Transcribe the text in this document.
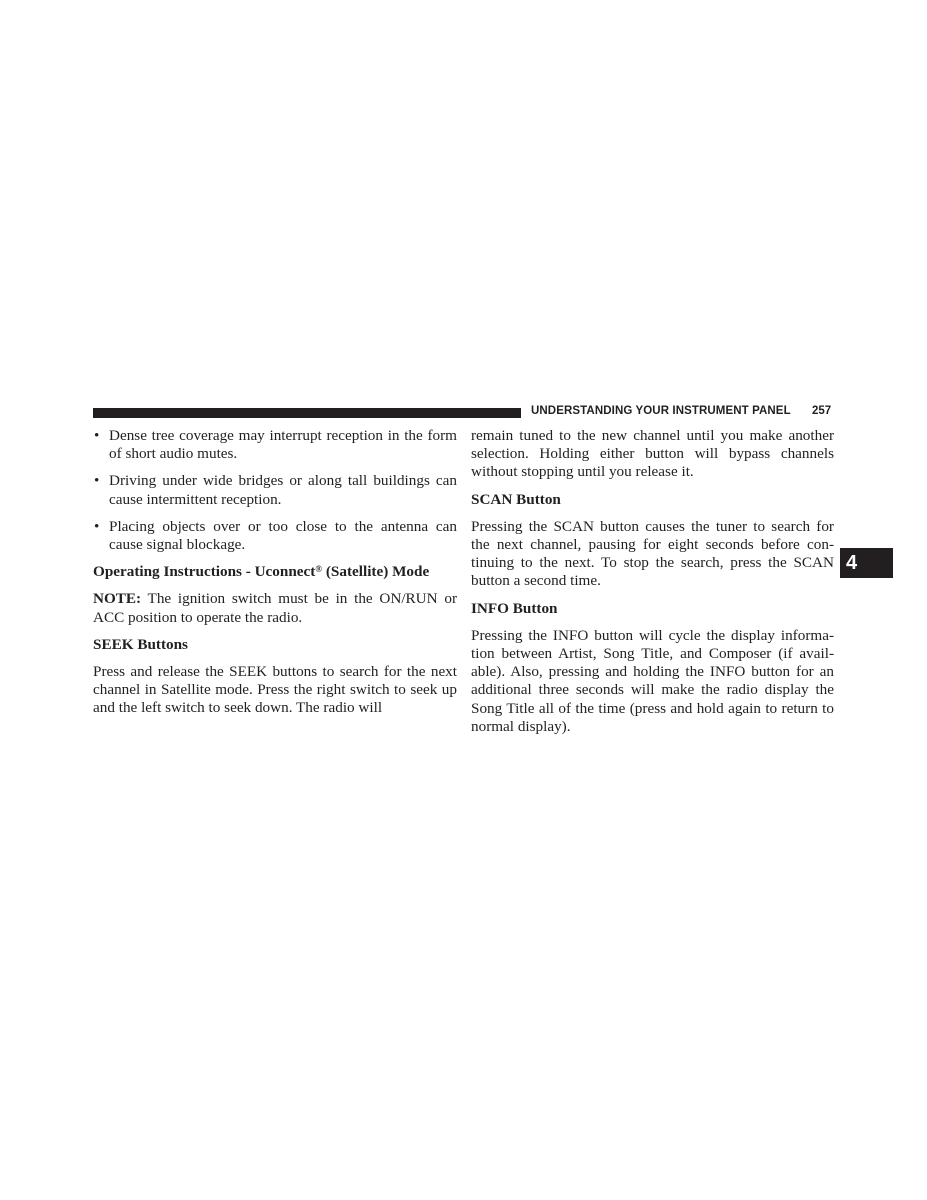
UNDERSTANDING YOUR INSTRUMENT PANEL	257
4
• Dense tree coverage may interrupt reception in the form of short audio mutes.
• Driving under wide bridges or along tall buildings can cause intermittent reception.
• Placing objects over or too close to the antenna can cause signal blockage.
Operating Instructions - Uconnect® (Satellite) Mode

NOTE: The ignition switch must be in the ON/RUN or ACC position to operate the radio.

SEEK Buttons

Press and release the SEEK buttons to search for the next channel in Satellite mode. Press the right switch to seek up and the left switch to seek down. The radio will

remain tuned to the new channel until you make another selection. Holding either button will bypass channels without stopping until you release it.

SCAN Button

Pressing the SCAN button causes the tuner to search for the next channel, pausing for eight seconds before continuing to the next. To stop the search, press the SCAN button a second time.

INFO Button

Pressing the INFO button will cycle the display information between Artist, Song Title, and Composer (if available). Also, pressing and holding the INFO button for an additional three seconds will make the radio display the Song Title all of the time (press and hold again to return to normal display).
